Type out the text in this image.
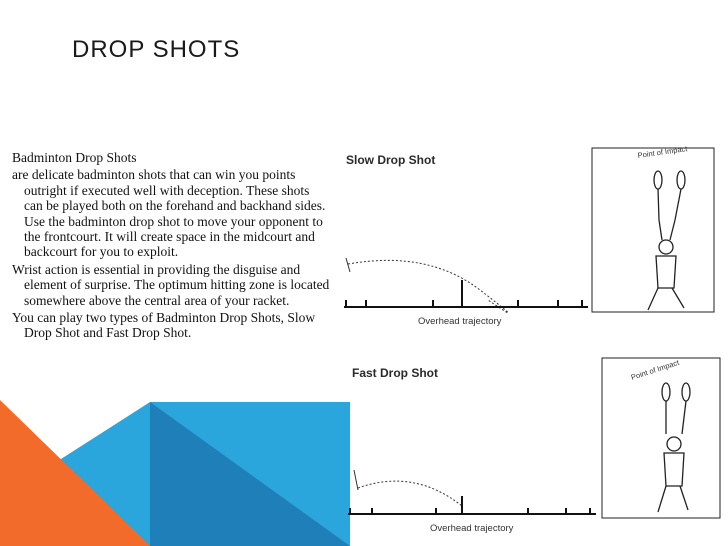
DROP SHOTS

Badminton Drop Shots

are delicate badminton shots that can win you points outright if executed well with deception. These shots can be played both on the forehand and backhand sides. Use the badminton drop shot to move your opponent to the frontcourt. It will create space in the midcourt and backcourt for you to exploit.

Wrist action is essential in providing the disguise and element of surprise. The optimum hitting zone is located somewhere above the central area of your racket.

You can play two types of Badminton Drop Shots, Slow Drop Shot and Fast Drop Shot.

Slow Drop Shot
Point of Impact
Overhead trajectory
Fast Drop Shot	Point of Impact
Overhead trajectory
